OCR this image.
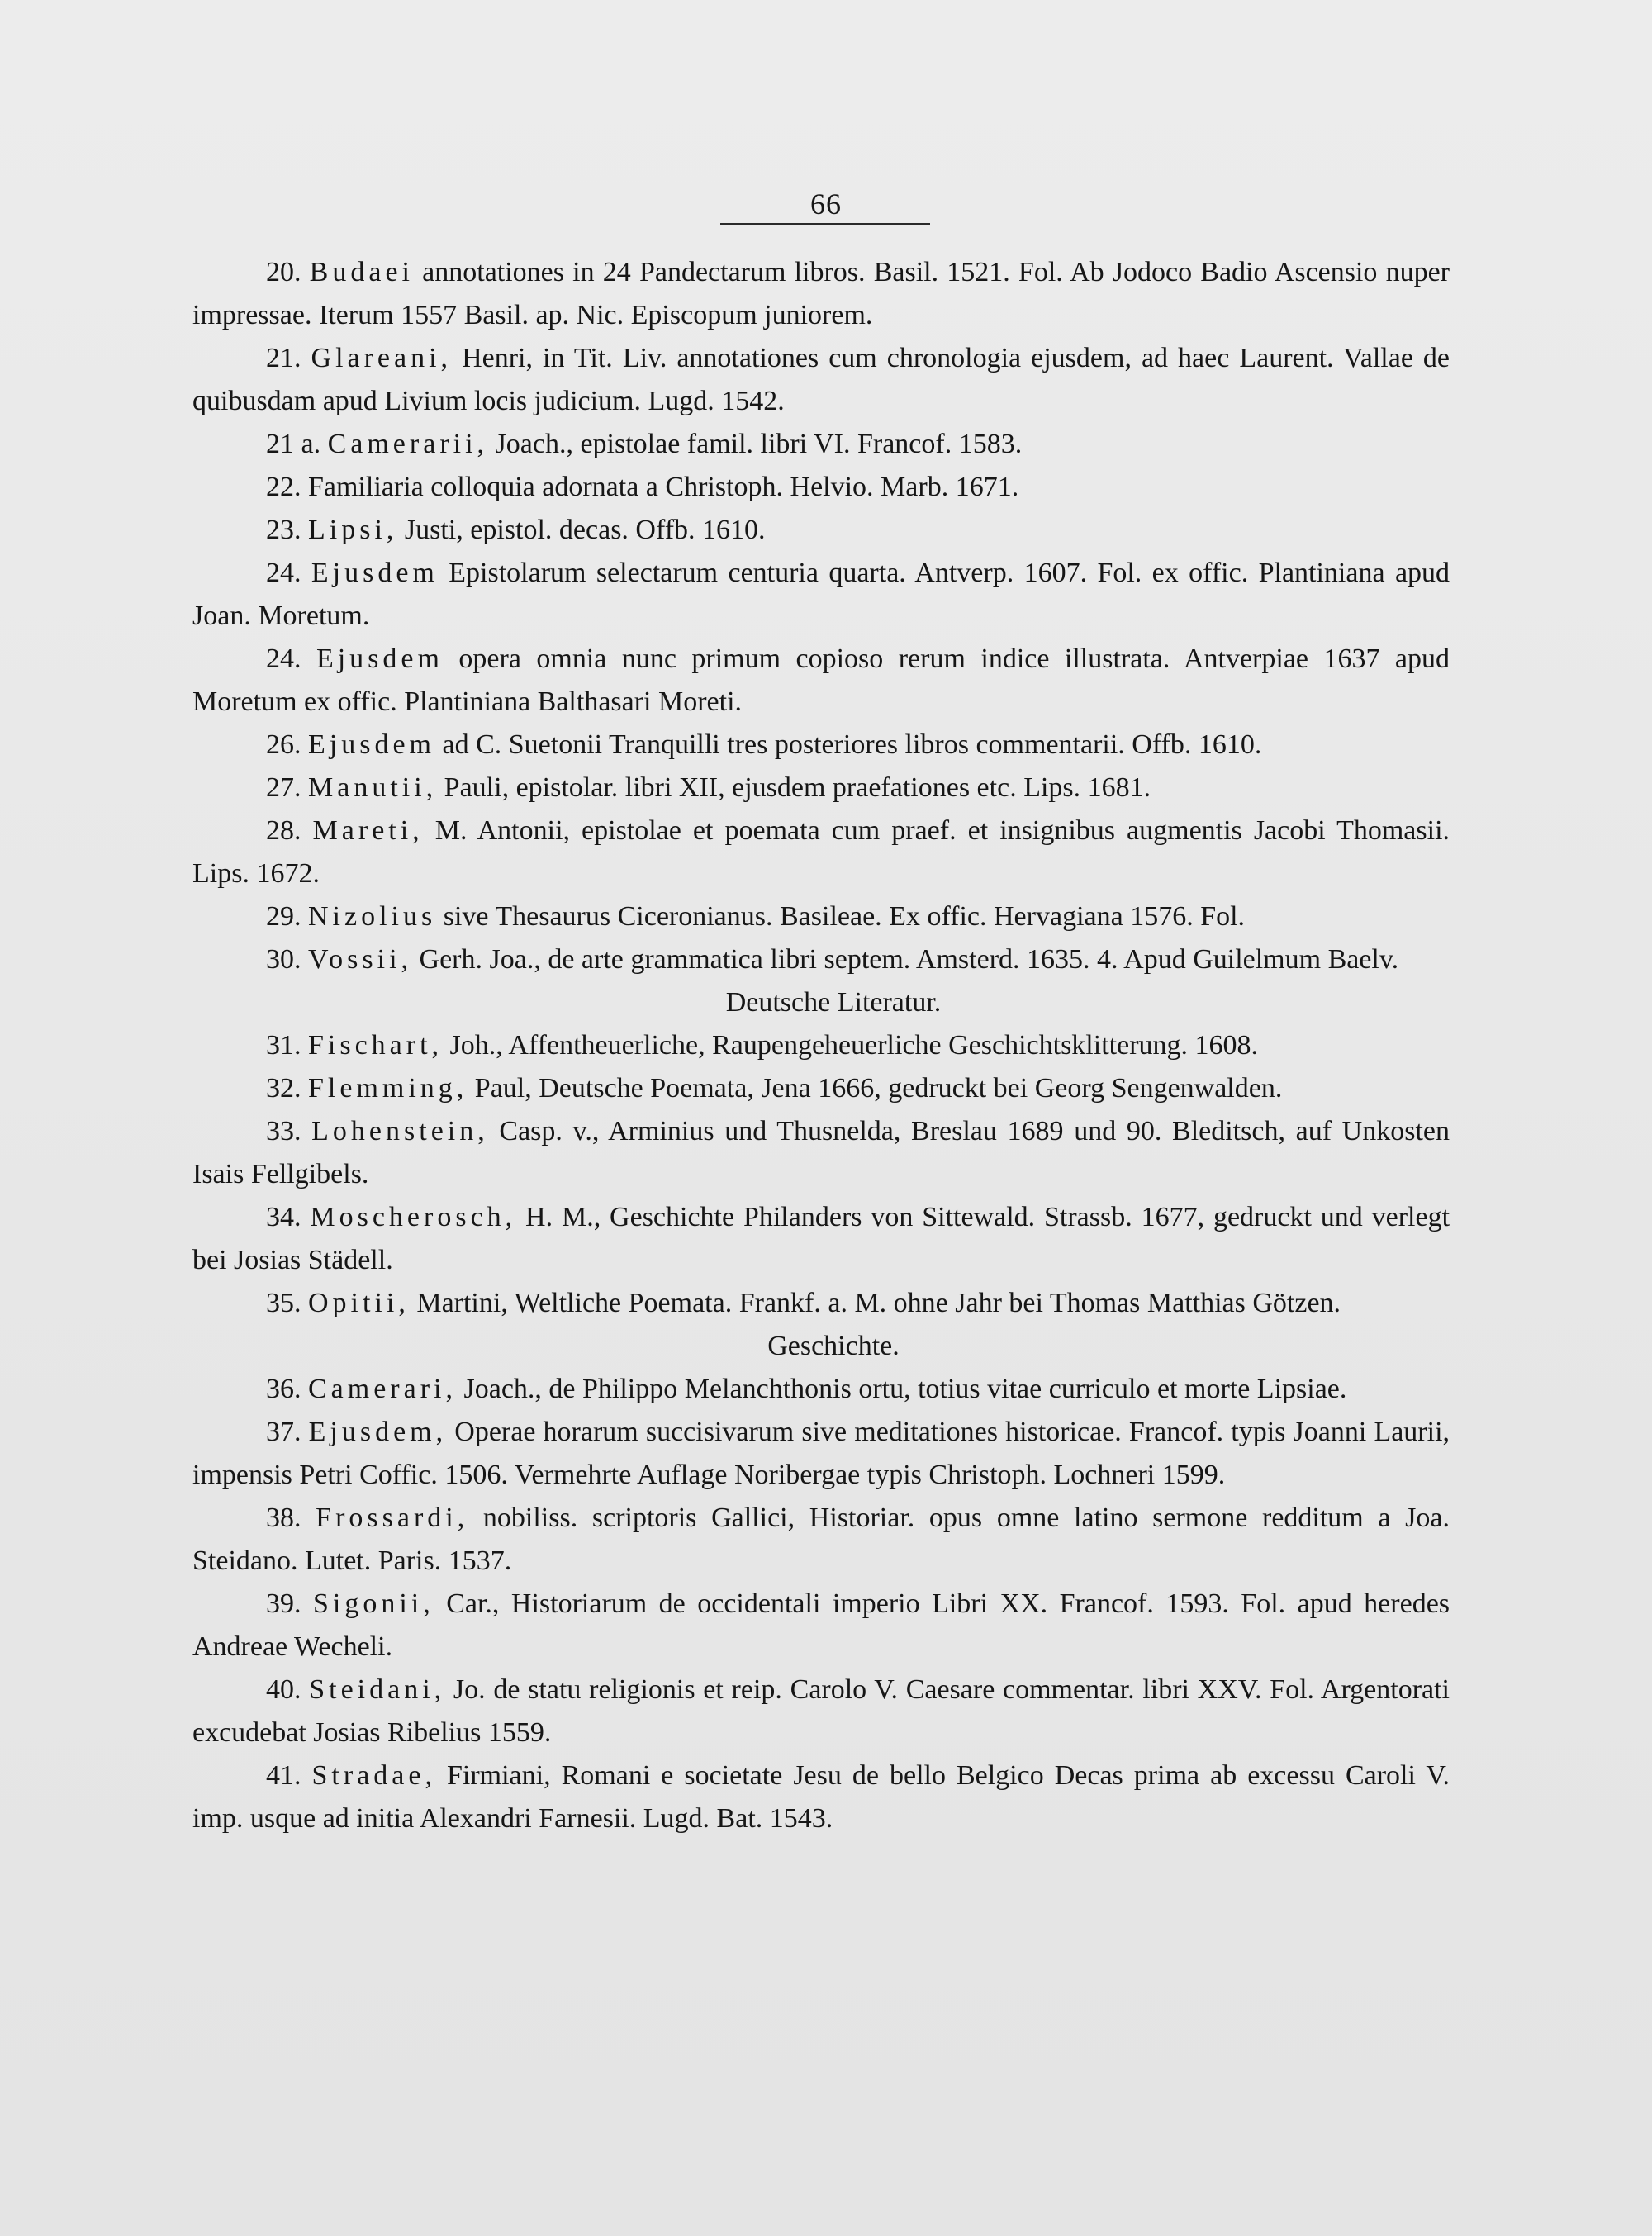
66

20. Budaei annotationes in 24 Pandectarum libros. Basil. 1521. Fol. Ab Jodoco Badio Ascensio nuper impressae. Iterum 1557 Basil. ap. Nic. Episcopum juniorem.

21. Glareani, Henri, in Tit. Liv. annotationes cum chronologia ejusdem, ad haec Laurent. Vallae de quibusdam apud Livium locis judicium. Lugd. 1542.

21 a. Camerarii, Joach., epistolae famil. libri VI. Francof. 1583.

22. Familiaria colloquia adornata a Christoph. Helvio. Marb. 1671.

23. Lipsi, Justi, epistol. decas. Offb. 1610.

24. Ejusdem Epistolarum selectarum centuria quarta. Antverp. 1607. Fol. ex offic. Plantiniana apud Joan. Moretum.

24. Ejusdem opera omnia nunc primum copioso rerum indice illustrata. Antverpiae 1637 apud Moretum ex offic. Plantiniana Balthasari Moreti.

26. Ejusdem ad C. Suetonii Tranquilli tres posteriores libros commentarii. Offb. 1610.

27. Manutii, Pauli, epistolar. libri XII, ejusdem praefationes etc. Lips. 1681.

28. Mareti, M. Antonii, epistolae et poemata cum praef. et insignibus augmentis Jacobi Thomasii. Lips. 1672.

29. Nizolius sive Thesaurus Ciceronianus. Basileae. Ex offic. Hervagiana 1576. Fol.

30. Vossii, Gerh. Joa., de arte grammatica libri septem. Amsterd. 1635. 4. Apud Guilelmum Baelv.

Deutsche Literatur.

31. Fischart, Joh., Affentheuerliche, Raupengeheuerliche Geschichtsklitterung. 1608.

32. Flemming, Paul, Deutsche Poemata, Jena 1666, gedruckt bei Georg Sengenwalden.

33. Lohenstein, Casp. v., Arminius und Thusnelda, Breslau 1689 und 90. Bleditsch, auf Unkosten Isais Fellgibels.

34. Moscherosch, H. M., Geschichte Philanders von Sittewald. Strassb. 1677, gedruckt und verlegt bei Josias Städell.

35. Opitii, Martini, Weltliche Poemata. Frankf. a. M. ohne Jahr bei Thomas Matthias Götzen.

Geschichte.

36. Camerari, Joach., de Philippo Melanchthonis ortu, totius vitae curriculo et morte Lipsiae.

37. Ejusdem, Operae horarum succisivarum sive meditationes historicae. Francof. typis Joanni Laurii, impensis Petri Coffic. 1506. Vermehrte Auflage Noribergae typis Christoph. Lochneri 1599.

38. Frossardi, nobiliss. scriptoris Gallici, Historiar. opus omne latino sermone redditum a Joa. Steidano. Lutet. Paris. 1537.

39. Sigonii, Car., Historiarum de occidentali imperio Libri XX. Francof. 1593. Fol. apud heredes Andreae Wecheli.

40. Steidani, Jo. de statu religionis et reip. Carolo V. Caesare commentar. libri XXV. Fol. Argentorati excudebat Josias Ribelius 1559.

41. Stradae, Firmiani, Romani e societate Jesu de bello Belgico Decas prima ab excessu Caroli V. imp. usque ad initia Alexandri Farnesii. Lugd. Bat. 1543.
